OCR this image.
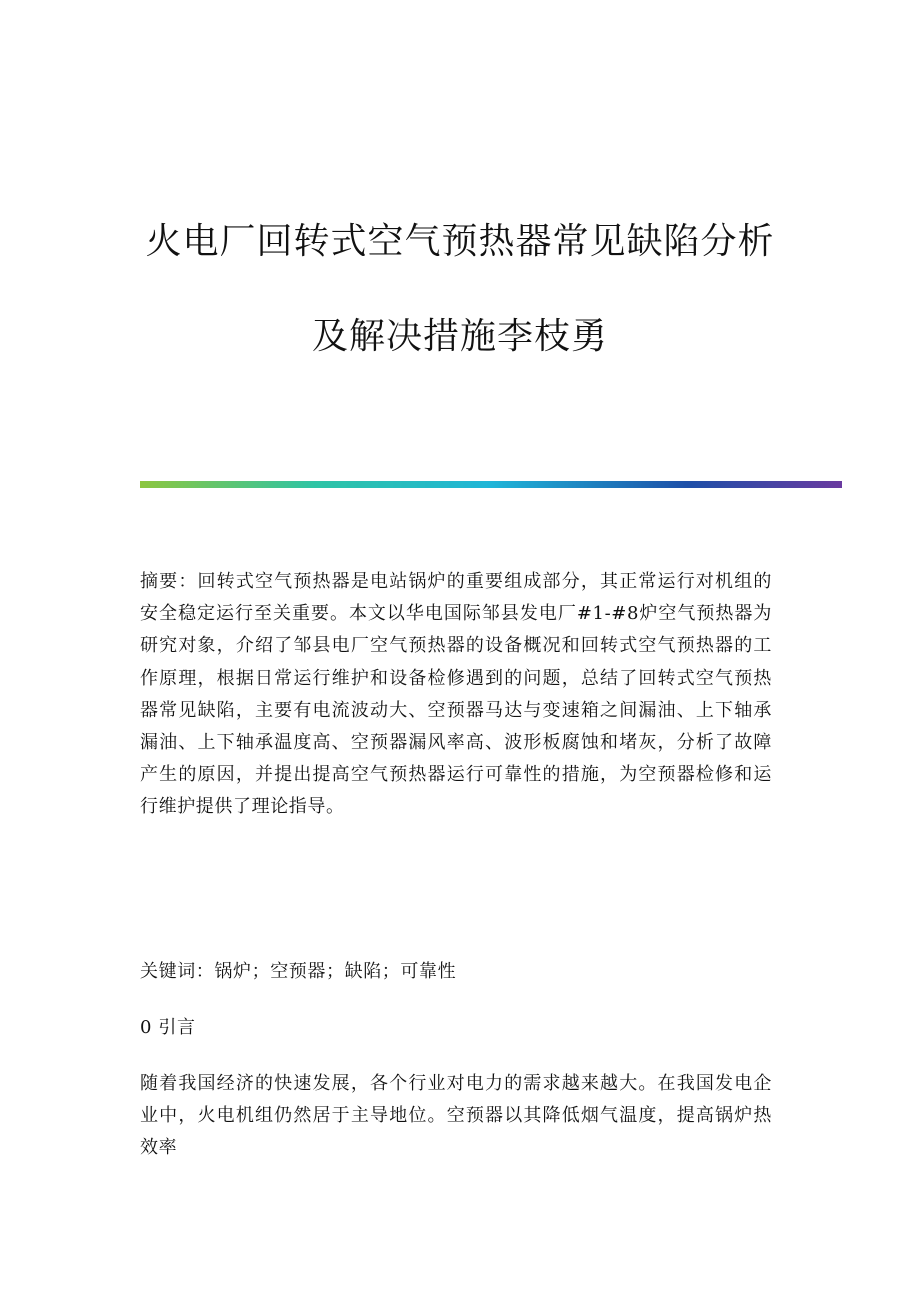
火电厂回转式空气预热器常见缺陷分析
及解决措施李枝勇

摘要：回转式空气预热器是电站锅炉的重要组成部分，其正常运行对机组的安全稳定运行至关重要。本文以华电国际邹县发电厂#1-#8炉空气预热器为研究对象，介绍了邹县电厂空气预热器的设备概况和回转式空气预热器的工作原理，根据日常运行维护和设备检修遇到的问题，总结了回转式空气预热器常见缺陷，主要有电流波动大、空预器马达与变速箱之间漏油、上下轴承漏油、上下轴承温度高、空预器漏风率高、波形板腐蚀和堵灰，分析了故障产生的原因，并提出提高空气预热器运行可靠性的措施，为空预器检修和运行维护提供了理论指导。

关键词：锅炉；空预器；缺陷；可靠性

0 引言

随着我国经济的快速发展，各个行业对电力的需求越来越大。在我国发电企业中，火电机组仍然居于主导地位。空预器以其降低烟气温度，提高锅炉热效率
